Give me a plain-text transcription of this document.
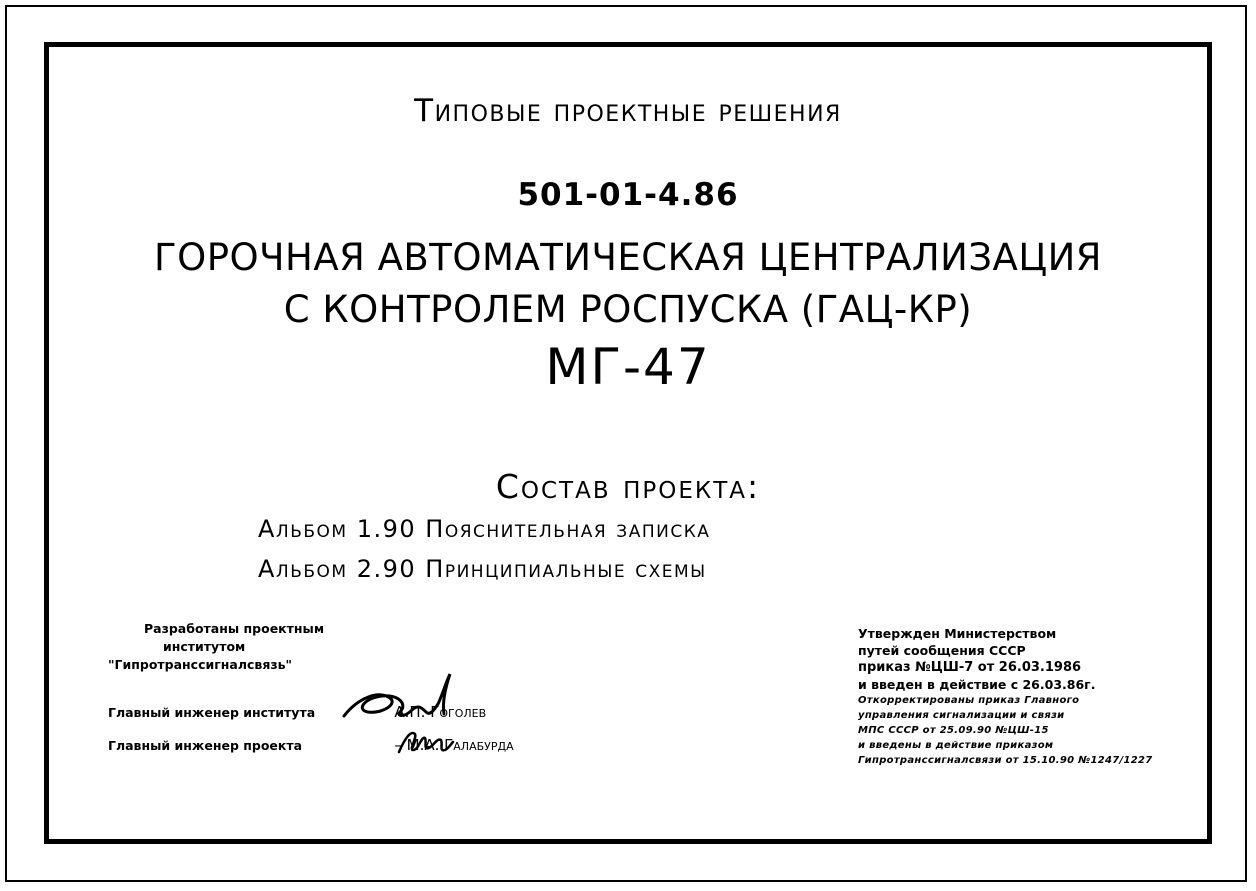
Типовые проектные решения
501-01-4.86
ГОРОЧНАЯ АВТОМАТИЧЕСКАЯ ЦЕНТРАЛИЗАЦИЯ
С КОНТРОЛЕМ РОСПУСКА (ГАЦ-КР)
МГ-47
Состав проекта:
Альбом 1.90 Пояснительная записка
Альбом 2.90 Принципиальные схемы
Разработаны проектным
институтом
"Гипротранссигналсвязь"
Главный инженер института	А.П. Гоголев
Главный инженер проекта	– М.А. Галабурда
Утвержден Министерством
путей сообщения СССР
приказ №ЦШ-7 от 26.03.1986
и введен в действие с 26.03.86г.
Откорректированы приказ Главного
управления сигнализации и связи
МПС СССР от 25.09.90 №ЦШ-15
и введены в действие приказом
Гипротранссигналсвязи от 15.10.90 №1247/1227
